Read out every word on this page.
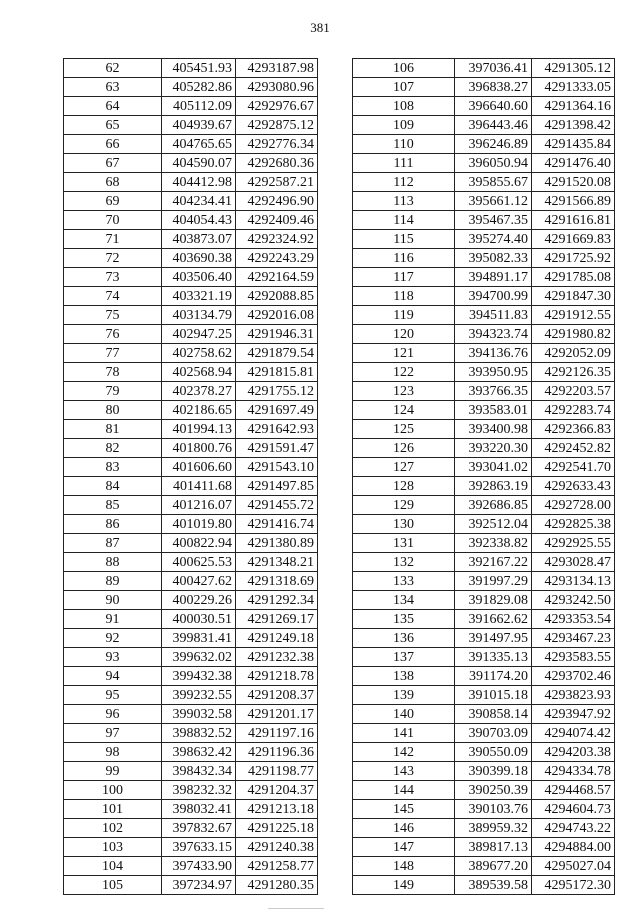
381
62	405451.93	4293187.98
63	405282.86	4293080.96
64	405112.09	4292976.67
65	404939.67	4292875.12
66	404765.65	4292776.34
67	404590.07	4292680.36
68	404412.98	4292587.21
69	404234.41	4292496.90
70	404054.43	4292409.46
71	403873.07	4292324.92
72	403690.38	4292243.29
73	403506.40	4292164.59
74	403321.19	4292088.85
75	403134.79	4292016.08
76	402947.25	4291946.31
77	402758.62	4291879.54
78	402568.94	4291815.81
79	402378.27	4291755.12
80	402186.65	4291697.49
81	401994.13	4291642.93
82	401800.76	4291591.47
83	401606.60	4291543.10
84	401411.68	4291497.85
85	401216.07	4291455.72
86	401019.80	4291416.74
87	400822.94	4291380.89
88	400625.53	4291348.21
89	400427.62	4291318.69
90	400229.26	4291292.34
91	400030.51	4291269.17
92	399831.41	4291249.18
93	399632.02	4291232.38
94	399432.38	4291218.78
95	399232.55	4291208.37
96	399032.58	4291201.17
97	398832.52	4291197.16
98	398632.42	4291196.36
99	398432.34	4291198.77
100	398232.32	4291204.37
101	398032.41	4291213.18
102	397832.67	4291225.18
103	397633.15	4291240.38
104	397433.90	4291258.77
105	397234.97	4291280.35
106	397036.41	4291305.12
107	396838.27	4291333.05
108	396640.60	4291364.16
109	396443.46	4291398.42
110	396246.89	4291435.84
111	396050.94	4291476.40
112	395855.67	4291520.08
113	395661.12	4291566.89
114	395467.35	4291616.81
115	395274.40	4291669.83
116	395082.33	4291725.92
117	394891.17	4291785.08
118	394700.99	4291847.30
119	394511.83	4291912.55
120	394323.74	4291980.82
121	394136.76	4292052.09
122	393950.95	4292126.35
123	393766.35	4292203.57
124	393583.01	4292283.74
125	393400.98	4292366.83
126	393220.30	4292452.82
127	393041.02	4292541.70
128	392863.19	4292633.43
129	392686.85	4292728.00
130	392512.04	4292825.38
131	392338.82	4292925.55
132	392167.22	4293028.47
133	391997.29	4293134.13
134	391829.08	4293242.50
135	391662.62	4293353.54
136	391497.95	4293467.23
137	391335.13	4293583.55
138	391174.20	4293702.46
139	391015.18	4293823.93
140	390858.14	4293947.92
141	390703.09	4294074.42
142	390550.09	4294203.38
143	390399.18	4294334.78
144	390250.39	4294468.57
145	390103.76	4294604.73
146	389959.32	4294743.22
147	389817.13	4294884.00
148	389677.20	4295027.04
149	389539.58	4295172.30
